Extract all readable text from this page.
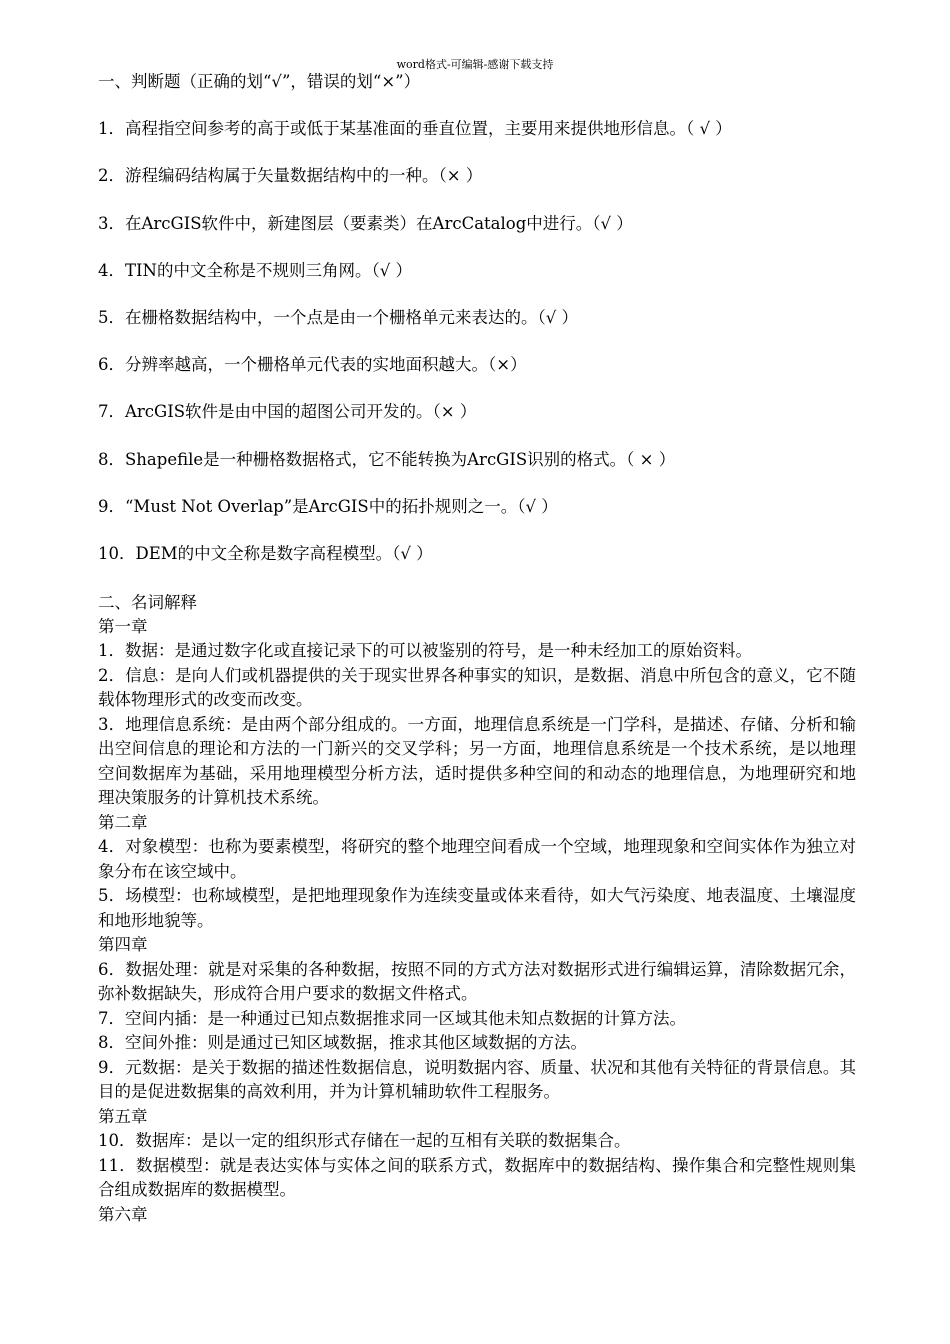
word格式-可编辑-感谢下载支持
一、判断题（正确的划“√”，错误的划“×”）
1．高程指空间参考的高于或低于某基准面的垂直位置，主要用来提供地形信息。（ √ ）
2．游程编码结构属于矢量数据结构中的一种。（× ）
3．在ArcGIS软件中，新建图层（要素类）在ArcCatalog中进行。（√ ）
4．TIN的中文全称是不规则三角网。（√ ）
5．在栅格数据结构中，一个点是由一个栅格单元来表达的。（√ ）
6．分辨率越高，一个栅格单元代表的实地面积越大。（×）
7．ArcGIS软件是由中国的超图公司开发的。（× ）
8．Shapefile是一种栅格数据格式，它不能转换为ArcGIS识别的格式。（ × ）
9．“Must Not Overlap”是ArcGIS中的拓扑规则之一。（√ ）
10．DEM的中文全称是数字高程模型。（√ ）
二、名词解释
第一章
1．数据：是通过数字化或直接记录下的可以被鉴别的符号，是一种未经加工的原始资料。
2．信息：是向人们或机器提供的关于现实世界各种事实的知识，是数据、消息中所包含的意义，它不随载体物理形式的改变而改变。
3．地理信息系统：是由两个部分组成的。一方面，地理信息系统是一门学科，是描述、存储、分析和输出空间信息的理论和方法的一门新兴的交叉学科；另一方面，地理信息系统是一个技术系统，是以地理空间数据库为基础，采用地理模型分析方法，适时提供多种空间的和动态的地理信息，为地理研究和地理决策服务的计算机技术系统。
第二章
4．对象模型：也称为要素模型，将研究的整个地理空间看成一个空域，地理现象和空间实体作为独立对象分布在该空域中。
5．场模型：也称域模型，是把地理现象作为连续变量或体来看待，如大气污染度、地表温度、土壤湿度和地形地貌等。
第四章
6．数据处理：就是对采集的各种数据，按照不同的方式方法对数据形式进行编辑运算，清除数据冗余，弥补数据缺失，形成符合用户要求的数据文件格式。
7．空间内插：是一种通过已知点数据推求同一区域其他未知点数据的计算方法。
8．空间外推：则是通过已知区域数据，推求其他区域数据的方法。
9．元数据：是关于数据的描述性数据信息，说明数据内容、质量、状况和其他有关特征的背景信息。其目的是促进数据集的高效利用，并为计算机辅助软件工程服务。
第五章
10．数据库：是以一定的组织形式存储在一起的互相有关联的数据集合。
11．数据模型：就是表达实体与实体之间的联系方式，数据库中的数据结构、操作集合和完整性规则集合组成数据库的数据模型。
第六章
